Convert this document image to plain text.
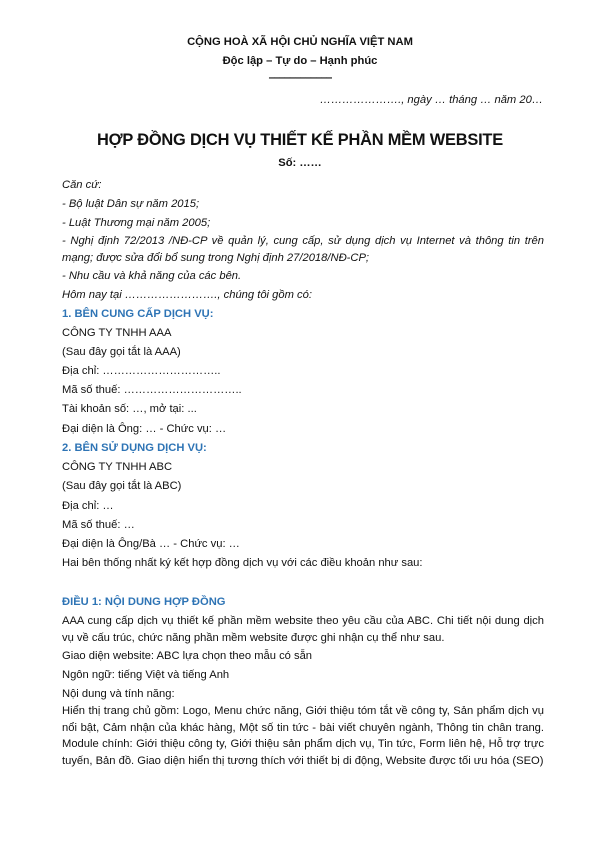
CỘNG HOÀ XÃ HỘI CHỦ NGHĨA VIỆT NAM
Độc lập – Tự do – Hạnh phúc
––––––––––––
…………………., ngày … tháng … năm 20…
HỢP ĐỒNG DỊCH VỤ THIẾT KẾ PHẦN MỀM WEBSITE
Số: ……
Căn cứ:
- Bộ luật Dân sự năm 2015;
- Luật Thương mại năm 2005;
- Nghị định 72/2013 /NĐ-CP về quản lý, cung cấp, sử dụng dịch vụ Internet và thông tin trên mạng; được sửa đổi bổ sung trong Nghị định 27/2018/NĐ-CP;
- Nhu cầu và khả năng của các bên.
Hôm nay tại ……………………., chúng tôi gồm có:
1. BÊN CUNG CẤP DỊCH VỤ:
CÔNG TY TNHH AAA
(Sau đây gọi tắt là AAA)
Địa chỉ: …………………………..
Mã số thuế: …………………………..
Tài khoản số: …, mở tại: ...
Đại diện là Ông: … - Chức vụ: …
2. BÊN SỬ DỤNG DỊCH VỤ:
CÔNG TY TNHH ABC
(Sau đây gọi tắt là ABC)
Địa chỉ: …
Mã số thuế: …
Đại diện là Ông/Bà … - Chức vụ: …
Hai bên thống nhất ký kết hợp đồng dịch vụ với các điều khoản như sau:
ĐIỀU 1: NỘI DUNG HỢP ĐỒNG
AAA cung cấp dịch vụ thiết kế phần mềm website theo yêu cầu của ABC. Chi tiết nội dung dịch vụ về cấu trúc, chức năng phần mềm website được ghi nhận cụ thể như sau.
Giao diện website: ABC lựa chọn theo mẫu có sẵn
Ngôn ngữ: tiếng Việt và tiếng Anh
Nội dung và tính năng:
Hiển thị trang chủ gồm: Logo, Menu chức năng, Giới thiệu tóm tắt về công ty, Sản phẩm dịch vụ nổi bật, Cảm nhận của khác hàng, Một số tin tức - bài viết chuyên ngành, Thông tin chân trang. Module chính: Giới thiệu công ty, Giới thiệu sản phẩm dịch vụ, Tin tức, Form liên hệ, Hỗ trợ trực tuyến, Bản đồ. Giao diện hiển thị tương thích với thiết bị di động, Website được tối ưu hóa (SEO)
